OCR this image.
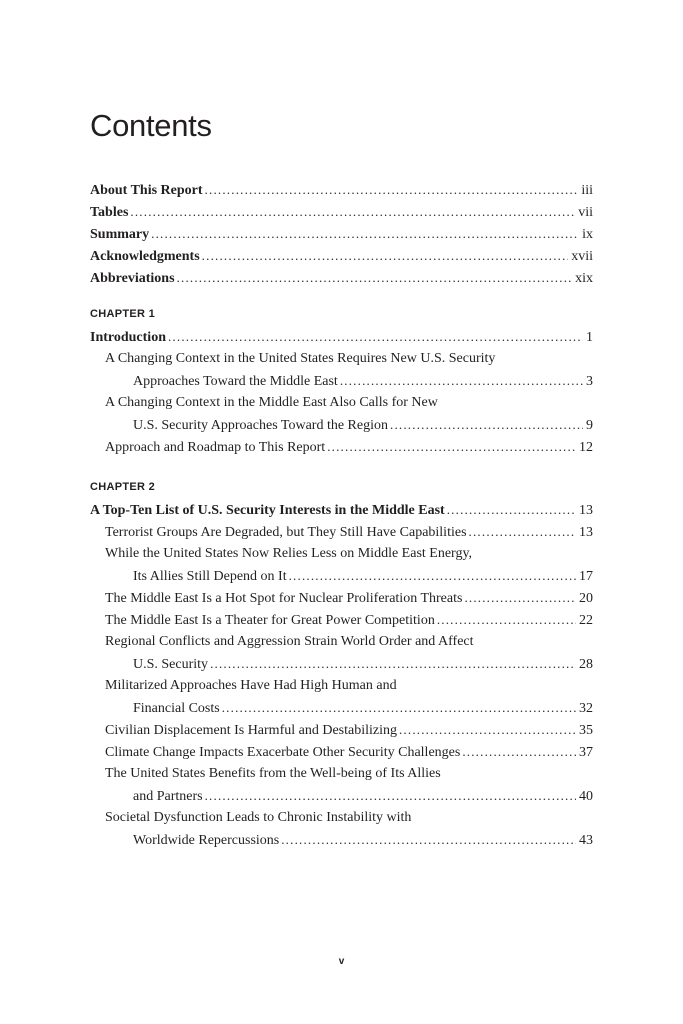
Contents
About This Report .....	iii
Tables .....	vii
Summary .....	ix
Acknowledgments .....	xvii
Abbreviations .....	xix
CHAPTER 1
Introduction .....	1
A Changing Context in the United States Requires New U.S. Security
Approaches Toward the Middle East .....	3
A Changing Context in the Middle East Also Calls for New
U.S. Security Approaches Toward the Region .....	9
Approach and Roadmap to This Report .....	12
CHAPTER 2
A Top-Ten List of U.S. Security Interests in the Middle East .....	13
Terrorist Groups Are Degraded, but They Still Have Capabilities .....	13
While the United States Now Relies Less on Middle East Energy,
Its Allies Still Depend on It .....	17
The Middle East Is a Hot Spot for Nuclear Proliferation Threats .....	20
The Middle East Is a Theater for Great Power Competition .....	22
Regional Conflicts and Aggression Strain World Order and Affect
U.S. Security .....	28
Militarized Approaches Have Had High Human and
Financial Costs .....	32
Civilian Displacement Is Harmful and Destabilizing .....	35
Climate Change Impacts Exacerbate Other Security Challenges .....	37
The United States Benefits from the Well-being of Its Allies
and Partners .....	40
Societal Dysfunction Leads to Chronic Instability with
Worldwide Repercussions .....	43
v
